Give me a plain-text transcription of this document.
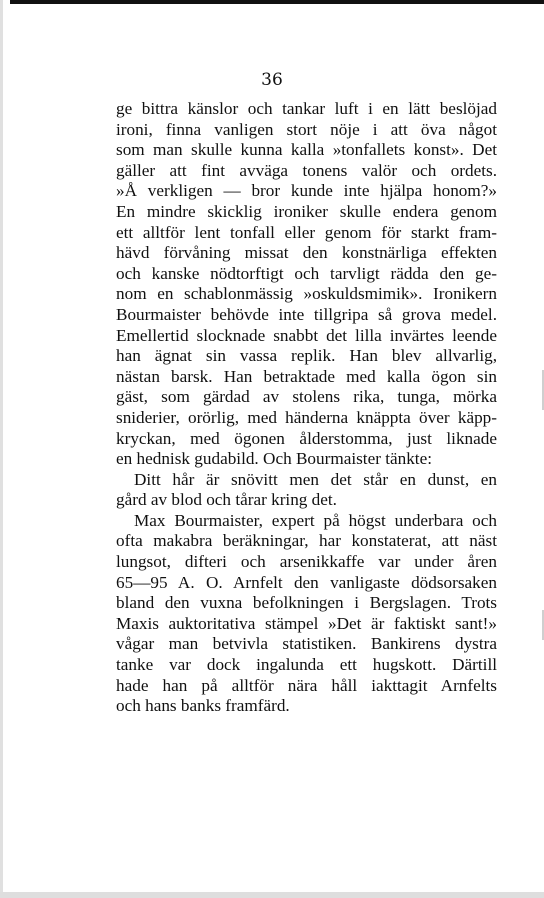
36
ge bittra känslor och tankar luft i en lätt beslöjad
ironi, finna vanligen stort nöje i att öva något
som man skulle kunna kalla »tonfallets konst». Det
gäller att fint avväga tonens valör och ordets.
»Å verkligen — bror kunde inte hjälpa honom?»
En mindre skicklig ironiker skulle endera genom
ett alltför lent tonfall eller genom för starkt fram-
hävd förvåning missat den konstnärliga effekten
och kanske nödtorftigt och tarvligt rädda den ge-
nom en schablonmässig »oskuldsmimik». Ironikern
Bourmaister behövde inte tillgripa så grova medel.
Emellertid slocknade snabbt det lilla invärtes leende
han ägnat sin vassa replik. Han blev allvarlig,
nästan barsk. Han betraktade med kalla ögon sin
gäst, som gärdad av stolens rika, tunga, mörka
sniderier, orörlig, med händerna knäppta över käpp-
kryckan, med ögonen ålderstomma, just liknade
en hednisk gudabild. Och Bourmaister tänkte:
Ditt hår är snövitt men det står en dunst, en
gård av blod och tårar kring det.
Max Bourmaister, expert på högst underbara och
ofta makabra beräkningar, har konstaterat, att näst
lungsot, difteri och arsenikkaffe var under åren
65—95 A. O. Arnfelt den vanligaste dödsorsaken
bland den vuxna befolkningen i Bergslagen. Trots
Maxis auktoritativa stämpel »Det är faktiskt sant!»
vågar man betvivla statistiken. Bankirens dystra
tanke var dock ingalunda ett hugskott. Därtill
hade han på alltför nära håll iakttagit Arnfelts
och hans banks framfärd.
